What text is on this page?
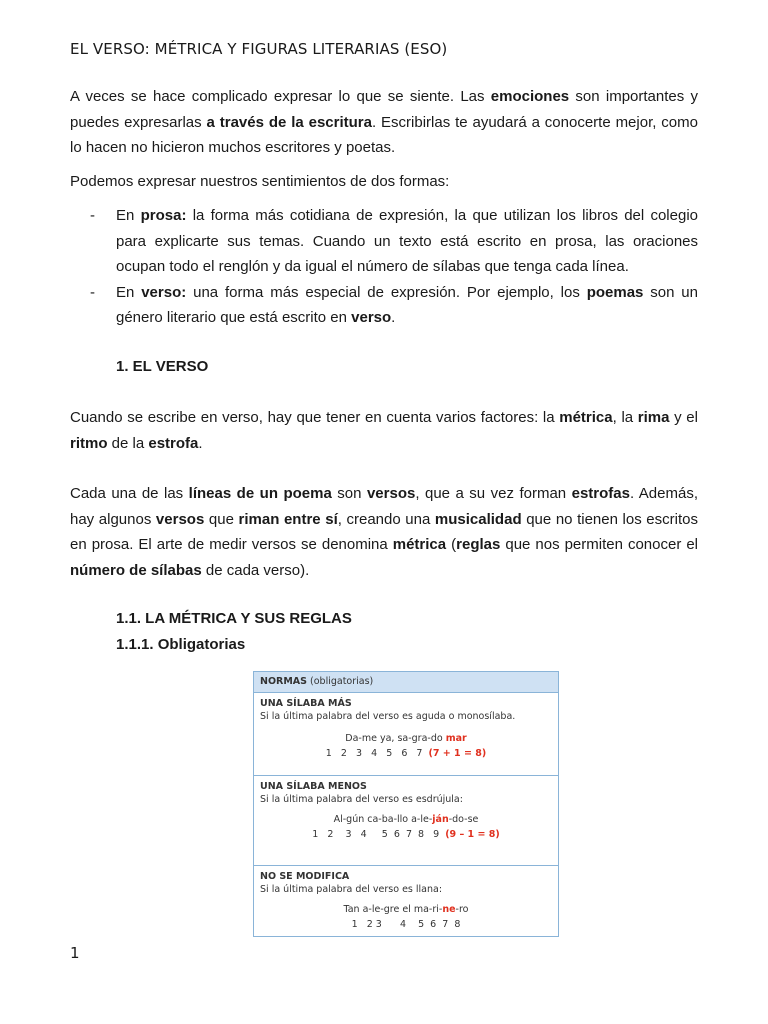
EL VERSO: MÉTRICA Y FIGURAS LITERARIAS (ESO)
A veces se hace complicado expresar lo que se siente. Las emociones son importantes y puedes expresarlas a través de la escritura. Escribirlas te ayudará a conocerte mejor, como lo hacen no hicieron muchos escritores y poetas.
Podemos expresar nuestros sentimientos de dos formas:
-	En prosa: la forma más cotidiana de expresión, la que utilizan los libros del colegio para explicarte sus temas. Cuando un texto está escrito en prosa, las oraciones ocupan todo el renglón y da igual el número de sílabas que tenga cada línea.
-	En verso: una forma más especial de expresión. Por ejemplo, los poemas son un género literario que está escrito en verso.
1. EL VERSO
Cuando se escribe en verso, hay que tener en cuenta varios factores: la métrica, la rima y el ritmo de la estrofa.
Cada una de las líneas de un poema son versos, que a su vez forman estrofas. Además, hay algunos versos que riman entre sí, creando una musicalidad que no tienen los escritos en prosa. El arte de medir versos se denomina métrica (reglas que nos permiten conocer el número de sílabas de cada verso).
1.1. LA MÉTRICA Y SUS REGLAS
1.1.1. Obligatorias
NORMAS (obligatorias)
UNA SÍLABA MÁS
Si la última palabra del verso es aguda o monosílaba.
Da-me ya, sa-gra-do mar
1   2   3   4   5   6   7  (7 + 1 = 8)
UNA SÍLABA MENOS
Si la última palabra del verso es esdrújula:
Al-gún ca-ba-llo a-le-ján-do-se
1   2    3   4     5  6  7  8   9  (9 – 1 = 8)
NO SE MODIFICA
Si la última palabra del verso es llana:
Tan a-le-gre el ma-ri-ne-ro
1   2 3      4    5  6  7  8
1
